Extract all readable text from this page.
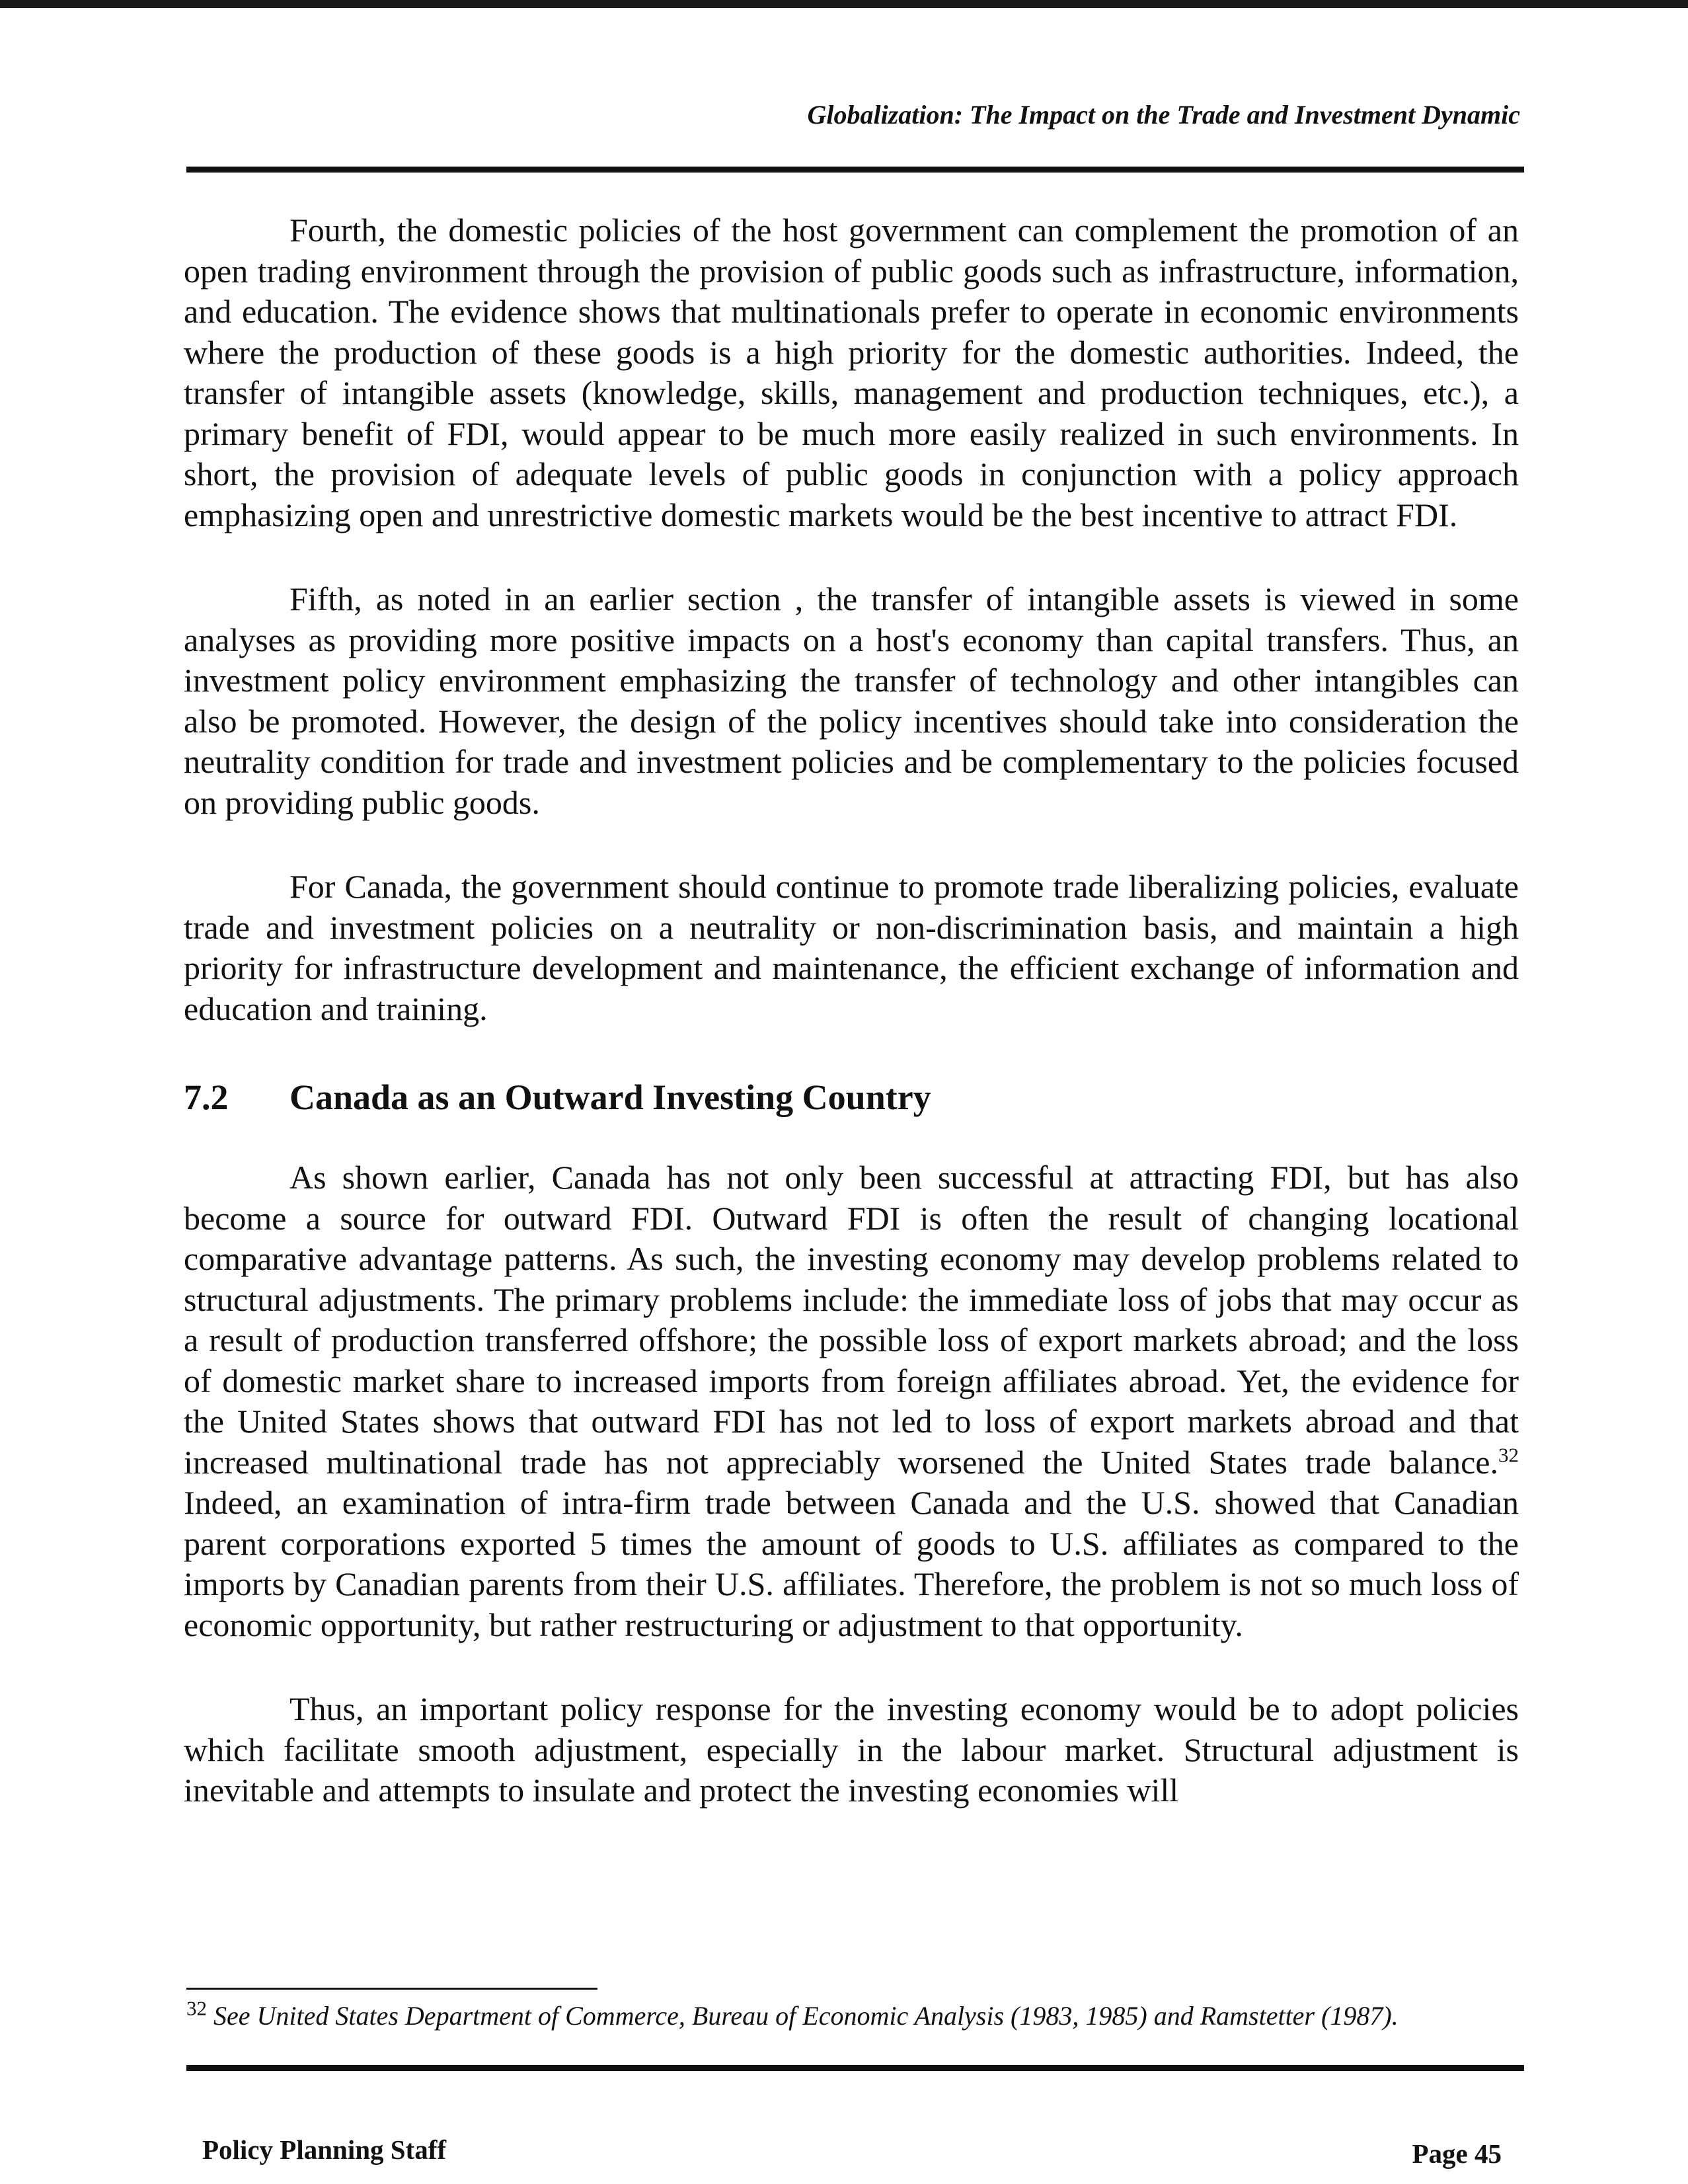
Globalization: The Impact on the Trade and Investment Dynamic

Fourth, the domestic policies of the host government can complement the promotion of an open trading environment through the provision of public goods such as infrastructure, information, and education. The evidence shows that multinationals prefer to operate in economic environments where the production of these goods is a high priority for the domestic authorities. Indeed, the transfer of intangible assets (knowledge, skills, management and production techniques, etc.), a primary benefit of FDI, would appear to be much more easily realized in such environments. In short, the provision of adequate levels of public goods in conjunction with a policy approach emphasizing open and unrestrictive domestic markets would be the best incentive to attract FDI.

Fifth, as noted in an earlier section , the transfer of intangible assets is viewed in some analyses as providing more positive impacts on a host's economy than capital transfers. Thus, an investment policy environment emphasizing the transfer of technology and other intangibles can also be promoted. However, the design of the policy incentives should take into consideration the neutrality condition for trade and investment policies and be complementary to the policies focused on providing public goods.

For Canada, the government should continue to promote trade liberalizing policies, evaluate trade and investment policies on a neutrality or non-discrimination basis, and maintain a high priority for infrastructure development and maintenance, the efficient exchange of information and education and training.

7.2 Canada as an Outward Investing Country

As shown earlier, Canada has not only been successful at attracting FDI, but has also become a source for outward FDI. Outward FDI is often the result of changing locational comparative advantage patterns. As such, the investing economy may develop problems related to structural adjustments. The primary problems include: the immediate loss of jobs that may occur as a result of production transferred offshore; the possible loss of export markets abroad; and the loss of domestic market share to increased imports from foreign affiliates abroad. Yet, the evidence for the United States shows that outward FDI has not led to loss of export markets abroad and that increased multinational trade has not appreciably worsened the United States trade balance.$^{32}$ Indeed, an examination of intra-firm trade between Canada and the U.S. showed that Canadian parent corporations exported 5 times the amount of goods to U.S. affiliates as compared to the imports by Canadian parents from their U.S. affiliates. Therefore, the problem is not so much loss of economic opportunity, but rather restructuring or adjustment to that opportunity.

Thus, an important policy response for the investing economy would be to adopt policies which facilitate smooth adjustment, especially in the labour market. Structural adjustment is inevitable and attempts to insulate and protect the investing economies will

$^{32}$ See United States Department of Commerce, Bureau of Economic Analysis (1983, 1985) and Ramstetter (1987).
Policy Planning Staff	Page 45
